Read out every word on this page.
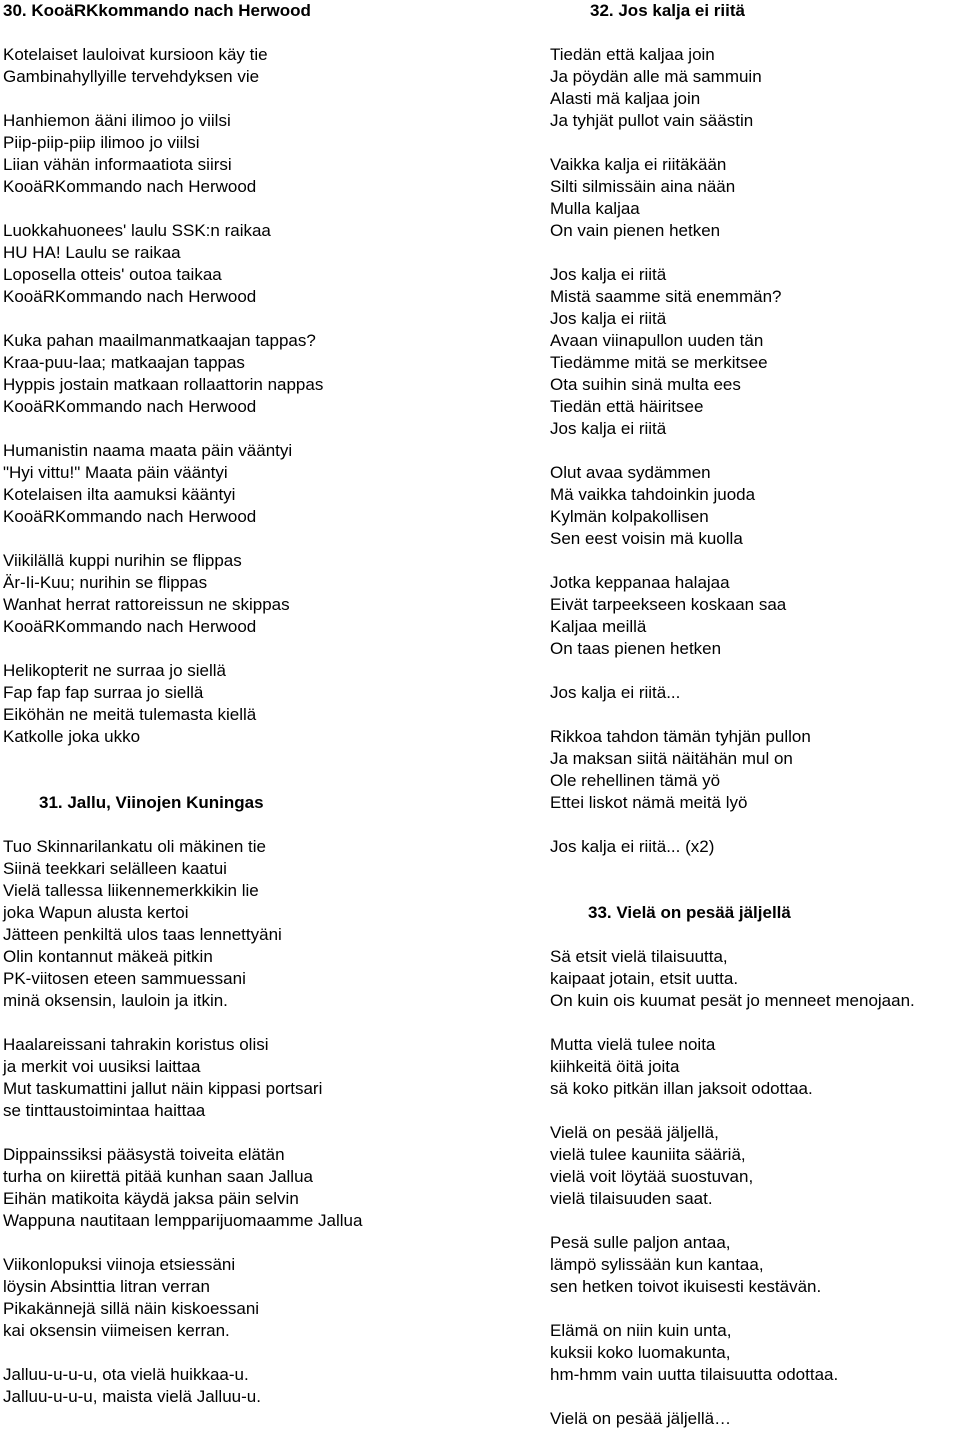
30. KooäRKkommando nach Herwood
Kotelaiset lauloivat kursioon käy tie
Gambinahyllyille tervehdyksen vie
Hanhiemon ääni ilimoo jo viilsi
Piip-piip-piip ilimoo jo viilsi
Liian vähän informaatiota siirsi
KooäRKommando nach Herwood
Luokkahuonees' laulu SSK:n raikaa
HU HA! Laulu se raikaa
Loposella otteis' outoa taikaa
KooäRKommando nach Herwood
Kuka pahan maailmanmatkaajan tappas?
Kraa-puu-laa; matkaajan tappas
Hyppis jostain matkaan rollaattorin nappas
KooäRKommando nach Herwood
Humanistin naama maata päin vääntyi
"Hyi vittu!" Maata päin vääntyi
Kotelaisen ilta aamuksi kääntyi
KooäRKommando nach Herwood
Viikilällä kuppi nurihin se flippas
Är-Ii-Kuu; nurihin se flippas
Wanhat herrat rattoreissun ne skippas
KooäRKommando nach Herwood
Helikopterit ne surraa jo siellä
Fap fap fap surraa jo siellä
Eiköhän ne meitä tulemasta kiellä
Katkolle joka ukko
31. Jallu, Viinojen Kuningas
Tuo Skinnarilankatu oli mäkinen tie
Siinä teekkari selälleen kaatui
Vielä tallessa liikennemerkkikin lie
joka Wapun alusta kertoi
Jätteen penkiltä ulos taas lennettyäni
Olin kontannut mäkeä pitkin
PK-viitosen eteen sammuessani
minä oksensin, lauloin ja itkin.
Haalareissani tahrakin koristus olisi
ja merkit voi uusiksi laittaa
Mut taskumattini jallut näin kippasi portsari
se tinttaustoimintaa haittaa
Dippainssiksi pääsystä toiveita elätän
turha on kiirettä pitää kunhan saan Jallua
Eihän matikoita käydä jaksa päin selvin
Wappuna nautitaan lempparijuomaamme Jallua
Viikonlopuksi viinoja etsiessäni
löysin Absinttia litran verran
Pikakännejä sillä näin kiskoessani
kai oksensin viimeisen kerran.
Jalluu-u-u-u, ota vielä huikkaa-u.
Jalluu-u-u-u, maista vielä Jalluu-u.
32. Jos kalja ei riitä
Tiedän että kaljaa join
Ja pöydän alle mä sammuin
Alasti mä kaljaa join
Ja tyhjät pullot vain säästin
Vaikka kalja ei riitäkään
Silti silmissäin aina nään
Mulla kaljaa
On vain pienen hetken
Jos kalja ei riitä
Mistä saamme sitä enemmän?
Jos kalja ei riitä
Avaan viinapullon uuden tän
Tiedämme mitä se merkitsee
Ota suihin sinä multa ees
Tiedän että häiritsee
Jos kalja ei riitä
Olut avaa sydämmen
Mä vaikka tahdoinkin juoda
Kylmän kolpakollisen
Sen eest voisin mä kuolla
Jotka keppanaa halajaa
Eivät tarpeekseen koskaan saa
Kaljaa meillä
On taas pienen hetken
Jos kalja ei riitä...
Rikkoa tahdon tämän tyhjän pullon
Ja maksan siitä näitähän mul on
Ole rehellinen tämä yö
Ettei liskot nämä meitä lyö
Jos kalja ei riitä... (x2)
33. Vielä on pesää jäljellä
Sä etsit vielä tilaisuutta,
kaipaat jotain, etsit uutta.
On kuin ois kuumat pesät jo menneet menojaan.
Mutta vielä tulee noita
kiihkeitä öitä joita
sä koko pitkän illan jaksoit odottaa.
Vielä on pesää jäljellä,
vielä tulee kauniita sääriä,
vielä voit löytää suostuvan,
vielä tilaisuuden saat.
Pesä sulle paljon antaa,
lämpö sylissään kun kantaa,
sen hetken toivot ikuisesti kestävän.
Elämä on niin kuin unta,
kuksii koko luomakunta,
hm-hmm vain uutta tilaisuutta odottaa.
Vielä on pesää jäljellä…
